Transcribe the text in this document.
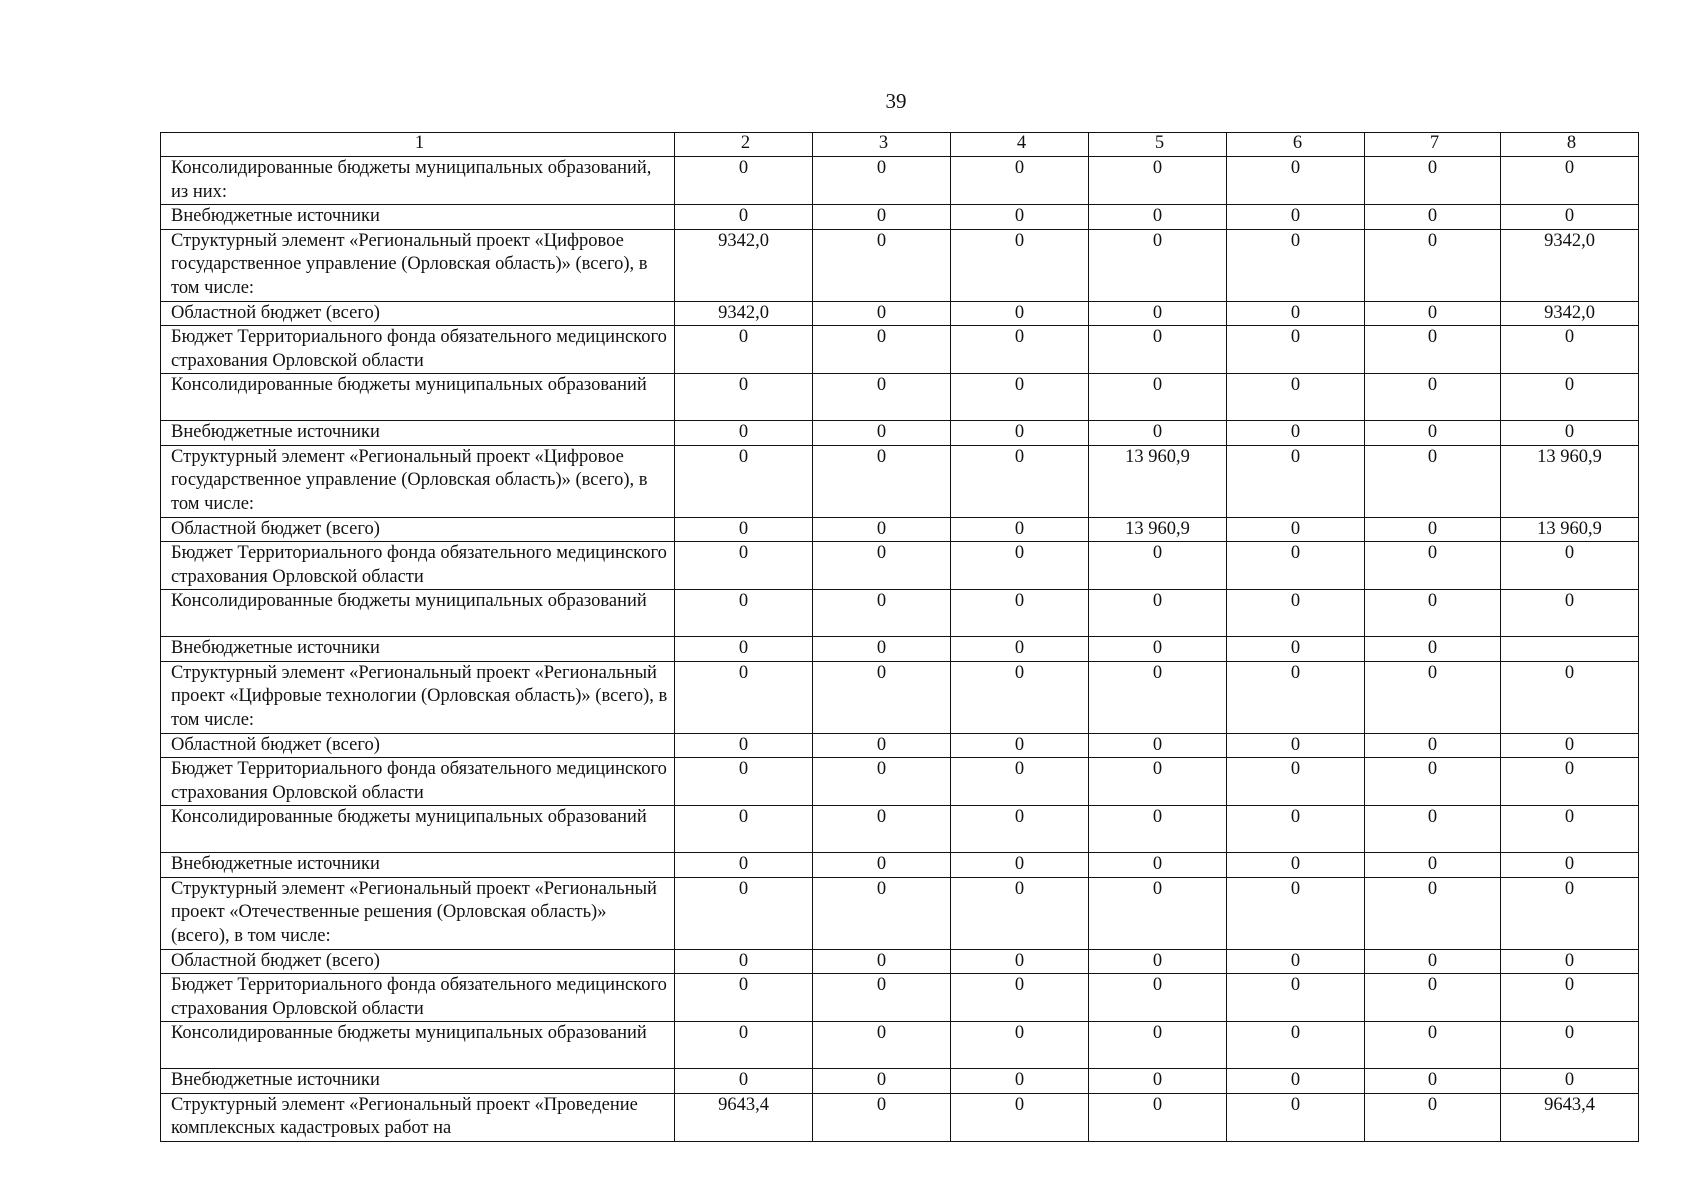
39
1	2	3	4	5	6	7	8
Консолидированные бюджеты муниципальных образований, из них:	0	0	0	0	0	0	0
Внебюджетные источники	0	0	0	0	0	0	0
Структурный элемент «Региональный проект «Цифровое государственное управление (Орловская область)» (всего), в том числе:	9342,0	0	0	0	0	0	9342,0
Областной бюджет (всего)	9342,0	0	0	0	0	0	9342,0
Бюджет Территориального фонда обязательного медицинского страхования Орловской области	0	0	0	0	0	0	0
Консолидированные бюджеты муниципальных образований	0	0	0	0	0	0	0
Внебюджетные источники	0	0	0	0	0	0	0
Структурный элемент «Региональный проект «Цифровое государственное управление (Орловская область)» (всего), в том числе:	0	0	0	13 960,9	0	0	13 960,9
Областной бюджет (всего)	0	0	0	13 960,9	0	0	13 960,9
Бюджет Территориального фонда обязательного медицинского страхования Орловской области	0	0	0	0	0	0	0
Консолидированные бюджеты муниципальных образований	0	0	0	0	0	0	0
Внебюджетные источники	0	0	0	0	0	0	
Структурный элемент «Региональный проект «Региональный проект «Цифровые технологии (Орловская область)» (всего), в том числе:	0	0	0	0	0	0	0
Областной бюджет (всего)	0	0	0	0	0	0	0
Бюджет Территориального фонда обязательного медицинского страхования Орловской области	0	0	0	0	0	0	0
Консолидированные бюджеты муниципальных образований	0	0	0	0	0	0	0
Внебюджетные источники	0	0	0	0	0	0	0
Структурный элемент «Региональный проект «Региональный проект «Отечественные решения (Орловская область)» (всего), в том числе:	0	0	0	0	0	0	0
Областной бюджет (всего)	0	0	0	0	0	0	0
Бюджет Территориального фонда обязательного медицинского страхования Орловской области	0	0	0	0	0	0	0
Консолидированные бюджеты муниципальных образований	0	0	0	0	0	0	0
Внебюджетные источники	0	0	0	0	0	0	0
Структурный элемент «Региональный проект «Проведение комплексных кадастровых работ на	9643,4	0	0	0	0	0	9643,4
